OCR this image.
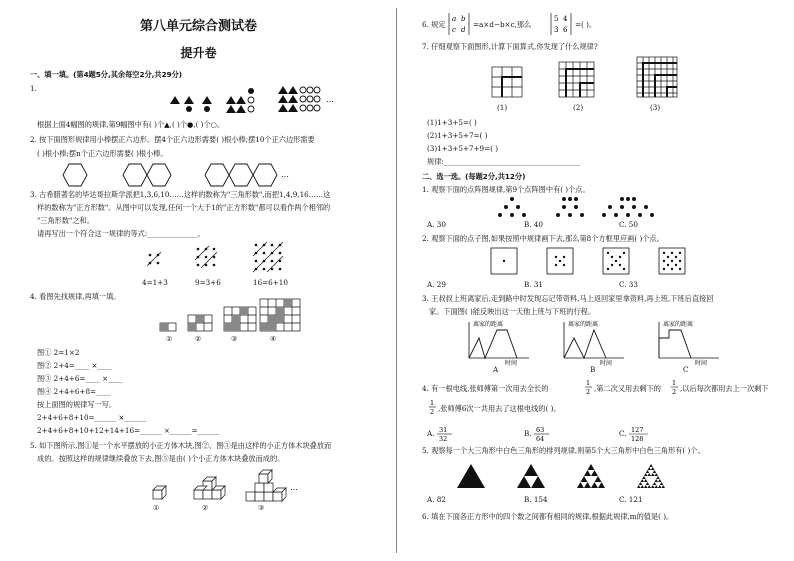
第八单元综合测试卷
提升卷
一、填一填。(第4题5分,其余每空2分,共29分)
1.
…
根据上面4幅图的规律,第9幅图中有( )个▲,( )个●,( )个○。
2. 按下面图形规律用小棒摆正六边形。摆4个正六边形需要( )根小棒;摆10个正六边形需要
( )根小棒;摆n个正六边形需要( )根小棒。
…
3. 古希腊著名的毕达哥拉斯学派把1,3,6,10……这样的数称为"三角形数",而把1,4,9,16……这
样的数称为"正方形数"。从图中可以发现,任何一个大于1的"正方形数"都可以看作两个相邻的
"三角形数"之和。
请再写出一个符合这一规律的等式:______________。
4=1+3	9=3+6	16=6+10
4. 看图先找规律,再填一填。
①	②	③	④
图① 2=1×2
图② 2+4=____ ×____
图③ 2+4+6=____ ×____
图④ 2+4+6+8=____
按上面图的规律写一写。
2+4+6+8+10=______ ×______
2+4+6+8+10+12+14+16=______ ×______=______
5. 如下图所示,图①是一个水平摆放的小正方体木块,图②、图③是由这样的小正方体木块叠放而
成的。按照这样的规律继续叠放下去,图⑤是由( )个小正方体木块叠放而成的。
…
①	②	③
6. 规定
a b
c d
=a×d−b×c,那么
5 4
3 6
=( )。
7. 仔细观察下面图形,计算下面算式,你发现了什么规律?
(1)	(2)	(3)
(1)1+3+5=( )
(2)1+3+5+7=( )
(3)1+3+5+7+9=( )
规律:______________________________________
二、选一选。(每题2分,共12分)
1. 观察下面的点阵图规律,第9个点阵图中有( )个点。
A. 30	B. 40	C. 50
2. 观察下面的点子图,如果按照中规律画下去,那么第8个方框里应画( )个点。
A. 29	B. 31	C. 33
3. 王叔叔上班离家后,走到路中时发现忘记带资料,马上返回家里拿资料,再上班,下班后直接回
家。下面图( )能反映出这一天他上班与下班的行程。
离家的距离
时间
离家的距离
时间
离家的距离
时间
A	B	C
4. 有一根电线,张师傅第一次用去全长的
1
2 ,第二次又用去剩下的
1
2 ,以后每次都用去上一次剩下
1
2 ,张师傅6次一共用去了这根电线的( )。
A. 31
32
B. 63
64
C. 127
128
5. 观察每一个大三角形中白色三角形的排列规律,则第5个大三角形中白色三角形有( )个。
A. 82	B. 154	C. 121
6. 填在下面各正方形中的四个数之间都有相同的规律,根据此规律,m的值是( )。
